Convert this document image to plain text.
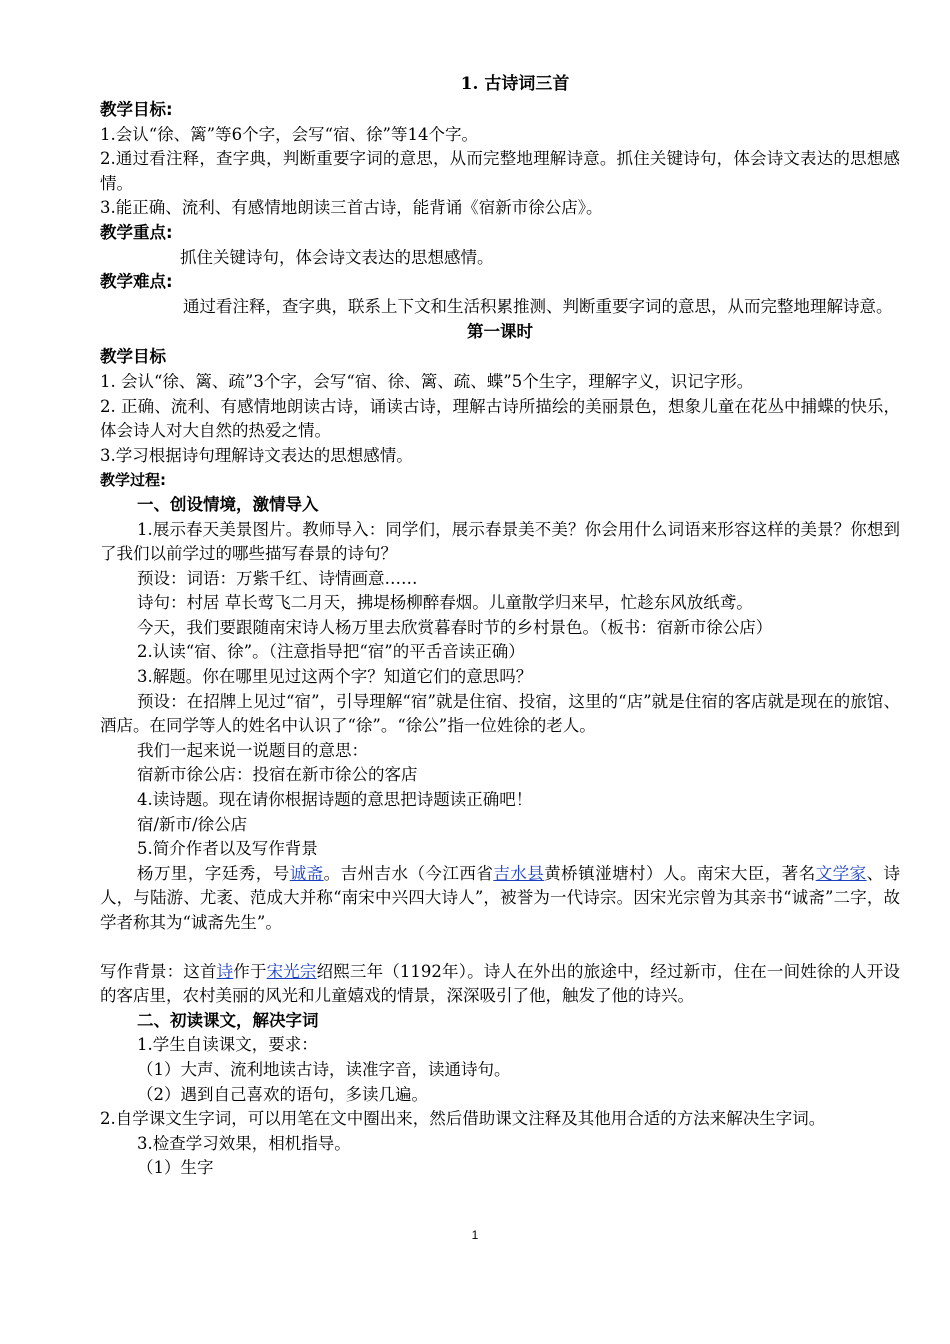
1. 古诗词三首
教学目标:
1.会认“徐、篱”等6个字，会写“宿、徐”等14个字。
2.通过看注释，查字典，判断重要字词的意思，从而完整地理解诗意。抓住关键诗句，体会诗文表达的思想感情。
3.能正确、流利、有感情地朗读三首古诗，能背诵《宿新市徐公店》。
教学重点:
抓住关键诗句，体会诗文表达的思想感情。
教学难点:
通过看注释，查字典，联系上下文和生活积累推测、判断重要字词的意思，从而完整地理解诗意。
第一课时
教学目标
1. 会认“徐、篱、疏”3个字，会写“宿、徐、篱、疏、蝶”5个生字，理解字义，识记字形。
2. 正确、流利、有感情地朗读古诗，诵读古诗，理解古诗所描绘的美丽景色，想象儿童在花丛中捕蝶的快乐，体会诗人对大自然的热爱之情。
3.学习根据诗句理解诗文表达的思想感情。
教学过程:
一、创设情境，激情导入
1.展示春天美景图片。教师导入：同学们，展示春景美不美？你会用什么词语来形容这样的美景？你想到了我们以前学过的哪些描写春景的诗句？
预设：词语：万紫千红、诗情画意……
诗句：村居 草长莺飞二月天，拂堤杨柳醉春烟。儿童散学归来早，忙趁东风放纸鸢。
今天，我们要跟随南宋诗人杨万里去欣赏暮春时节的乡村景色。（板书：宿新市徐公店）
2.认读“宿、徐”。（注意指导把“宿”的平舌音读正确）
3.解题。你在哪里见过这两个字？知道它们的意思吗？
预设：在招牌上见过“宿”，引导理解“宿”就是住宿、投宿，这里的“店”就是住宿的客店就是现在的旅馆、酒店。在同学等人的姓名中认识了“徐”。“徐公”指一位姓徐的老人。
我们一起来说一说题目的意思：
宿新市徐公店：投宿在新市徐公的客店
4.读诗题。现在请你根据诗题的意思把诗题读正确吧！
宿/新市/徐公店
5.简介作者以及写作背景
杨万里，字廷秀，号诚斋。吉州吉水（今江西省吉水县黄桥镇湴塘村）人。南宋大臣，著名文学家、诗人，与陆游、尤袤、范成大并称“南宋中兴四大诗人”，被誉为一代诗宗。因宋光宗曾为其亲书“诚斋”二字，故学者称其为“诚斋先生”。
写作背景：这首诗作于宋光宗绍熙三年（1192年）。诗人在外出的旅途中，经过新市，住在一间姓徐的人开设的客店里，农村美丽的风光和儿童嬉戏的情景，深深吸引了他，触发了他的诗兴。
二、初读课文，解决字词
1.学生自读课文，要求：
（1）大声、流利地读古诗，读准字音，读通诗句。
（2）遇到自己喜欢的语句，多读几遍。
2.自学课文生字词，可以用笔在文中圈出来，然后借助课文注释及其他用合适的方法来解决生字词。
3.检查学习效果，相机指导。
（1）生字
1
